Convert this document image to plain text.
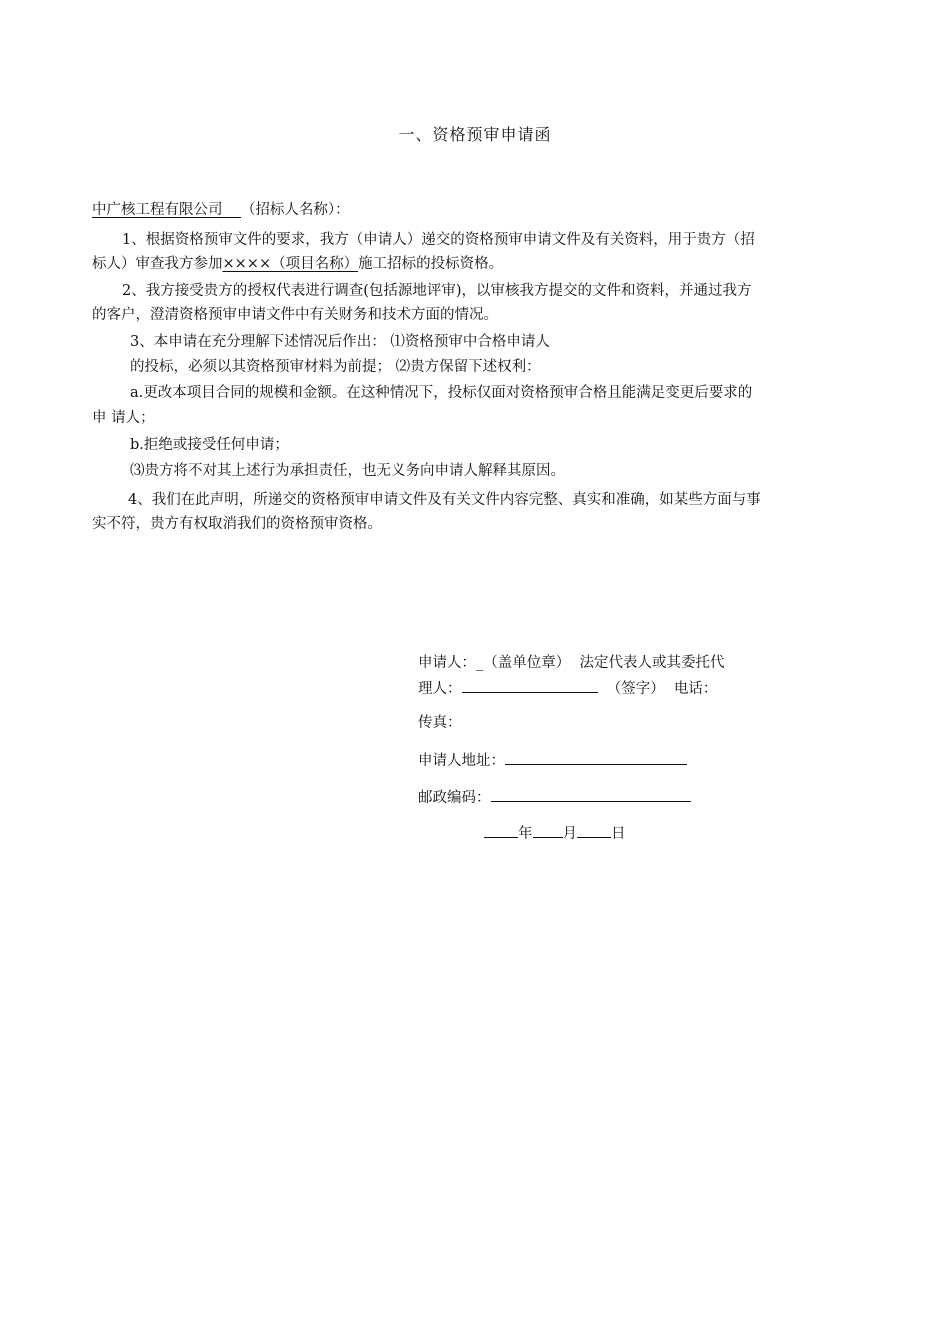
一、资格预审申请函
中广核工程有限公司 （招标人名称）：
1、根据资格预审文件的要求，我方（申请人）递交的资格预审申请文件及有关资料，用于贵方（招
标人）审查我方参加××××（项目名称）施工招标的投标资格。
2、我方接受贵方的授权代表进行调查(包括源地评审)，以审核我方提交的文件和资料，并通过我方
的客户，澄清资格预审申请文件中有关财务和技术方面的情况。
3、本申请在充分理解下述情况后作出： ⑴资格预审中合格申请人
的投标，必须以其资格预审材料为前提； ⑵贵方保留下述权利：
a.更改本项目合同的规模和金额。在这种情况下，投标仅面对资格预审合格且能满足变更后要求的
申 请人；
b.拒绝或接受任何申请；
⑶贵方将不对其上述行为承担责任，也无义务向申请人解释其原因。
4、我们在此声明，所递交的资格预审申请文件及有关文件内容完整、真实和准确，如某些方面与事
实不符，贵方有权取消我们的资格预审资格。
申请人：_（盖单位章） 法定代表人或其委托代
理人：	（签字） 电话：
传真：
申请人地址：
邮政编码：
年 月 日
